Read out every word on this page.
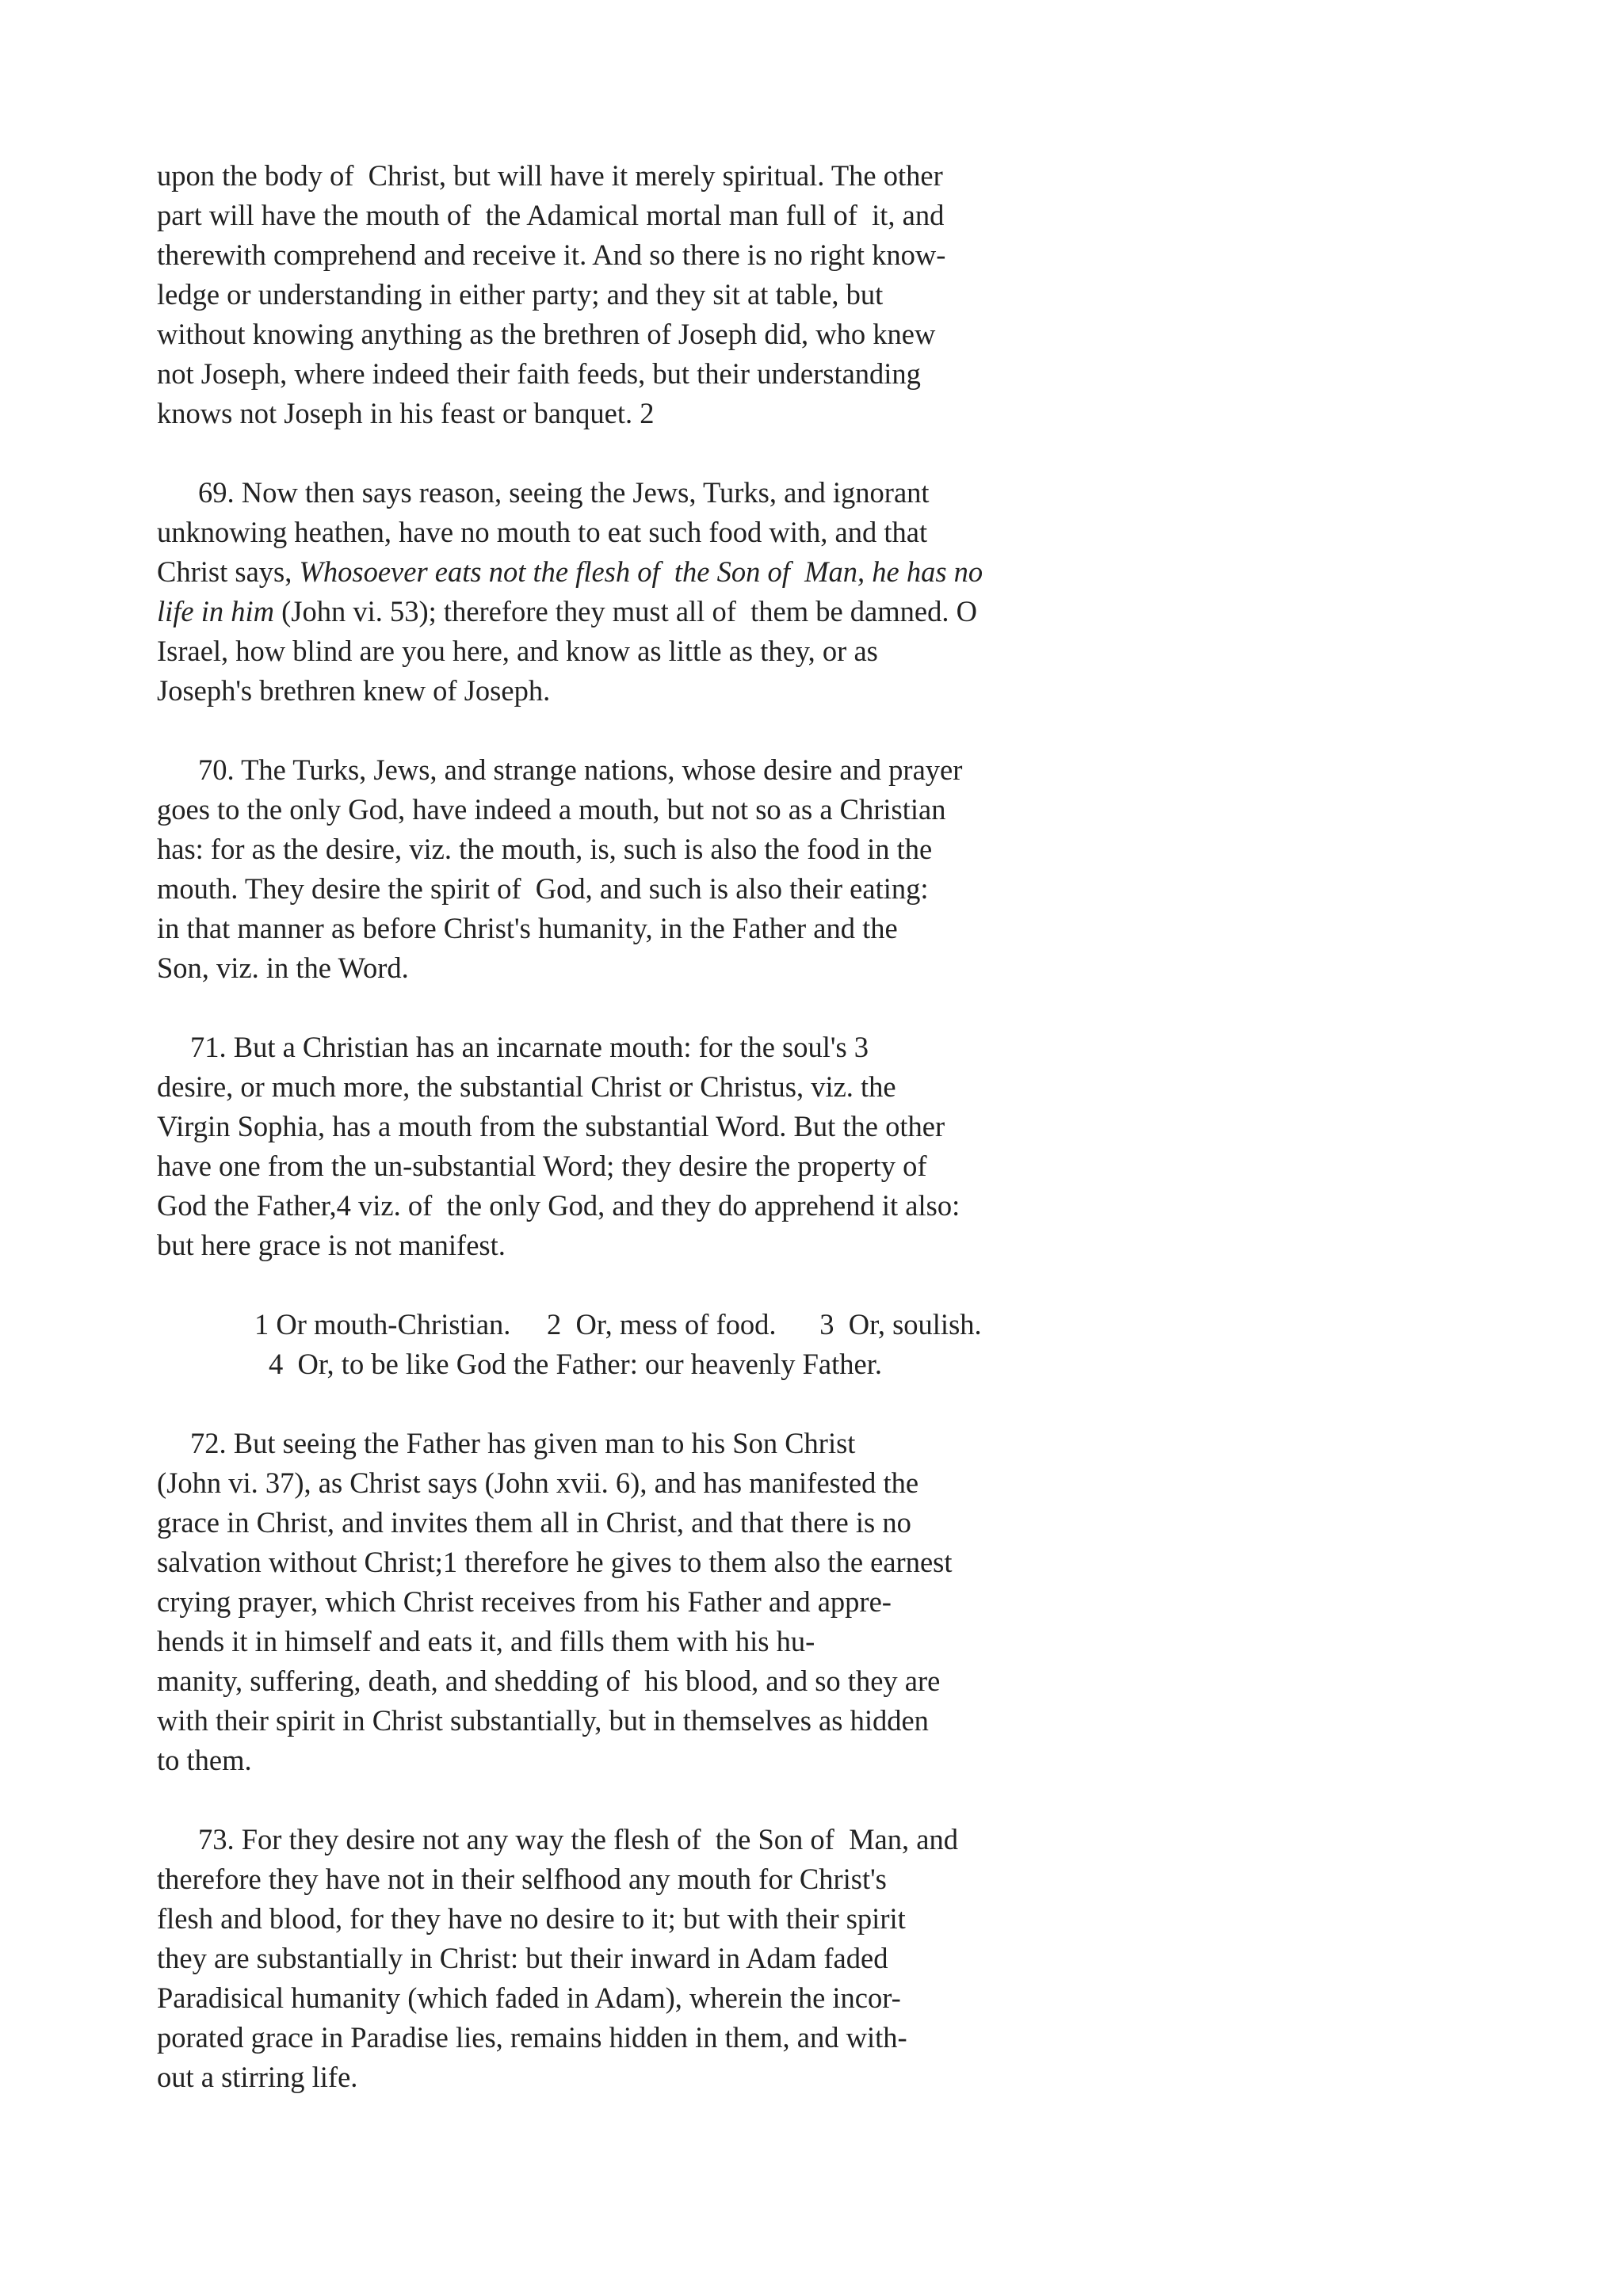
upon the body of  Christ, but will have it merely spiritual. The other
part will have the mouth of  the Adamical mortal man full of  it, and
therewith comprehend and receive it. And so there is no right know-
ledge or understanding in either party; and they sit at table, but
without knowing anything as the brethren of Joseph did, who knew
not Joseph, where indeed their faith feeds, but their understanding
knows not Joseph in his feast or banquet. 2
69. Now then says reason, seeing the Jews, Turks, and ignorant
unknowing heathen, have no mouth to eat such food with, and that
Christ says, Whosoever eats not the flesh of  the Son of  Man, he has no
life in him (John vi. 53); therefore they must all of  them be damned. O
Israel, how blind are you here, and know as little as they, or as
Joseph's brethren knew of Joseph.
70. The Turks, Jews, and strange nations, whose desire and prayer
goes to the only God, have indeed a mouth, but not so as a Christian
has: for as the desire, viz. the mouth, is, such is also the food in the
mouth. They desire the spirit of  God, and such is also their eating:
in that manner as before Christ's humanity, in the Father and the
Son, viz. in the Word.
71. But a Christian has an incarnate mouth: for the soul's 3
desire, or much more, the substantial Christ or Christus, viz. the
Virgin Sophia, has a mouth from the substantial Word. But the other
have one from the un-substantial Word; they desire the property of
God the Father,4 viz. of  the only God, and they do apprehend it also:
but here grace is not manifest.
1 Or mouth-Christian. 2  Or, mess of food. 3  Or, soulish.
4  Or, to be like God the Father: our heavenly Father.
72. But seeing the Father has given man to his Son Christ
(John vi. 37), as Christ says (John xvii. 6), and has manifested the
grace in Christ, and invites them all in Christ, and that there is no
salvation without Christ;1 therefore he gives to them also the earnest
crying prayer, which Christ receives from his Father and appre-
hends it in himself and eats it, and fills them with his hu-
manity, suffering, death, and shedding of  his blood, and so they are
with their spirit in Christ substantially, but in themselves as hidden
to them.
73. For they desire not any way the flesh of  the Son of  Man, and
therefore they have not in their selfhood any mouth for Christ's
flesh and blood, for they have no desire to it; but with their spirit
they are substantially in Christ: but their inward in Adam faded
Paradisical humanity (which faded in Adam), wherein the incor-
porated grace in Paradise lies, remains hidden in them, and with-
out a stirring life.
